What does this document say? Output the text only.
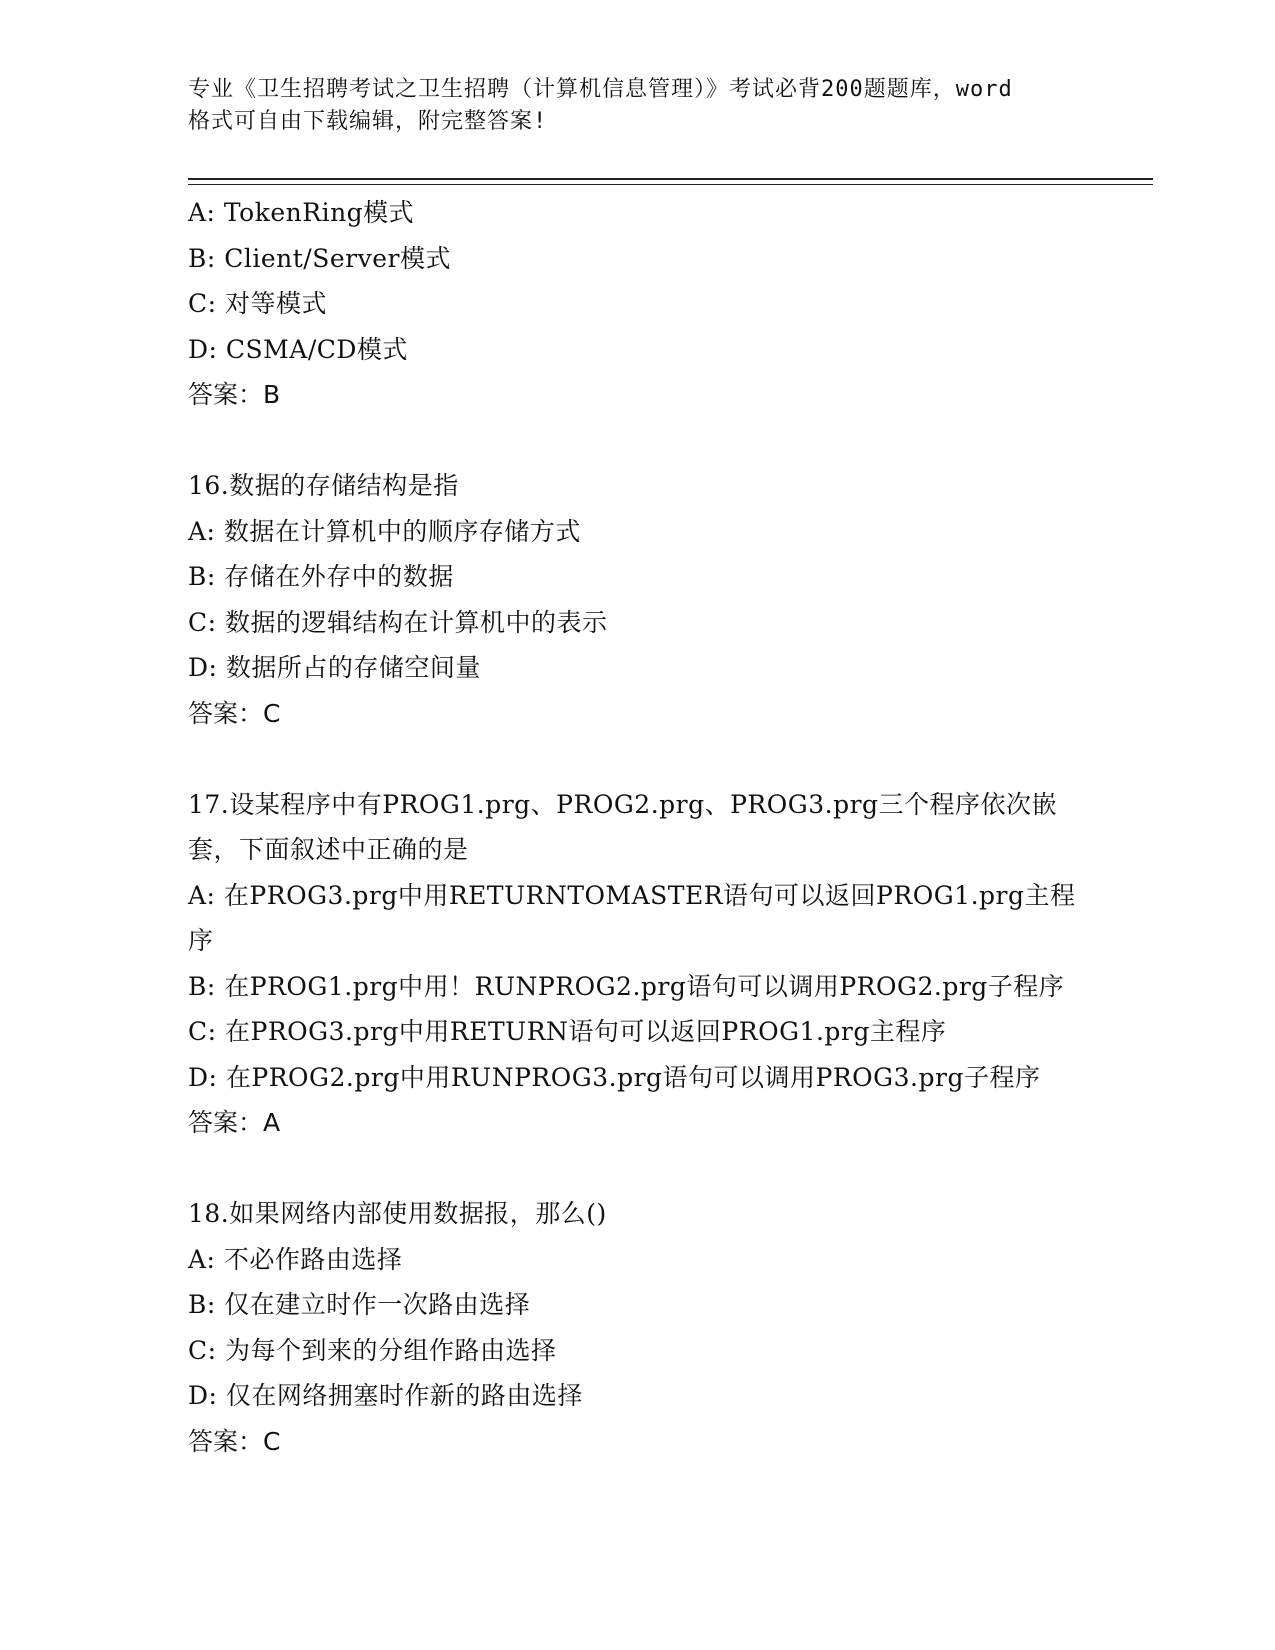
专业《卫生招聘考试之卫生招聘（计算机信息管理）》考试必背200题题库，word
格式可自由下载编辑，附完整答案!
A: TokenRing模式
B: Client/Server模式
C: 对等模式
D: CSMA/CD模式
答案：B
16.数据的存储结构是指
A: 数据在计算机中的顺序存储方式
B: 存储在外存中的数据
C: 数据的逻辑结构在计算机中的表示
D: 数据所占的存储空间量
答案：C
17.设某程序中有PROG1.prg、PROG2.prg、PROG3.prg三个程序依次嵌
套，下面叙述中正确的是
A: 在PROG3.prg中用RETURNTOMASTER语句可以返回PROG1.prg主程
序
B: 在PROG1.prg中用！RUNPROG2.prg语句可以调用PROG2.prg子程序
C: 在PROG3.prg中用RETURN语句可以返回PROG1.prg主程序
D: 在PROG2.prg中用RUNPROG3.prg语句可以调用PROG3.prg子程序
答案：A
18.如果网络内部使用数据报，那么()
A: 不必作路由选择
B: 仅在建立时作一次路由选择
C: 为每个到来的分组作路由选择
D: 仅在网络拥塞时作新的路由选择
答案：C
